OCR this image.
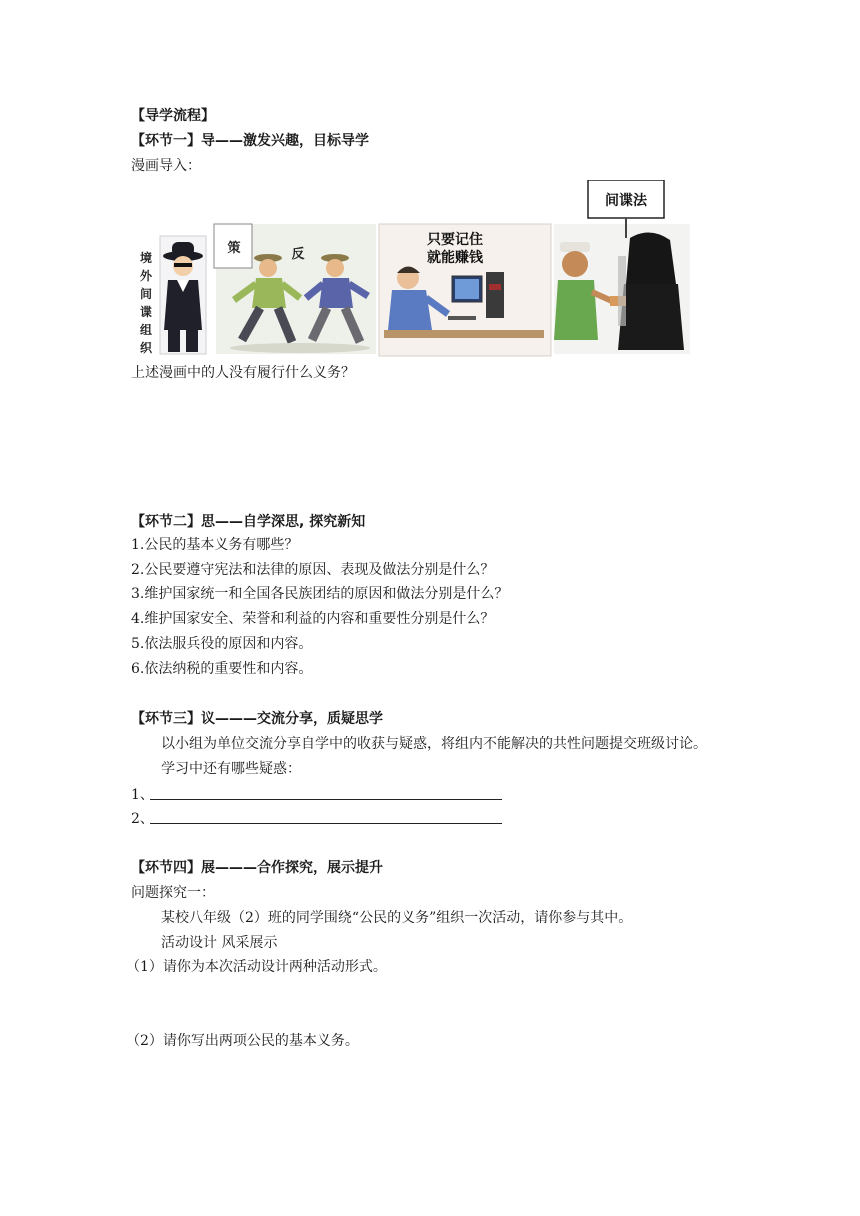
【导学流程】
【环节一】导——激发兴趣，目标导学
漫画导入：
境
外
间
谍
组
织
策	反
只要记住
就能赚钱
间谍法
上述漫画中的人没有履行什么义务？
【环节二】思——自学深思, 探究新知
1.公民的基本义务有哪些？
2.公民要遵守宪法和法律的原因、表现及做法分别是什么？
3.维护国家统一和全国各民族团结的原因和做法分别是什么？
4.维护国家安全、荣誉和利益的内容和重要性分别是什么？
5.依法服兵役的原因和内容。
6.依法纳税的重要性和内容。
【环节三】议———交流分享，质疑思学
以小组为单位交流分享自学中的收获与疑惑，将组内不能解决的共性问题提交班级讨论。
学习中还有哪些疑惑：
1、
2、
【环节四】展———合作探究，展示提升
问题探究一：
某校八年级（2）班的同学围绕“公民的义务”组织一次活动，请你参与其中。
活动设计 风采展示
（1）请你为本次活动设计两种活动形式。
（2）请你写出两项公民的基本义务。
